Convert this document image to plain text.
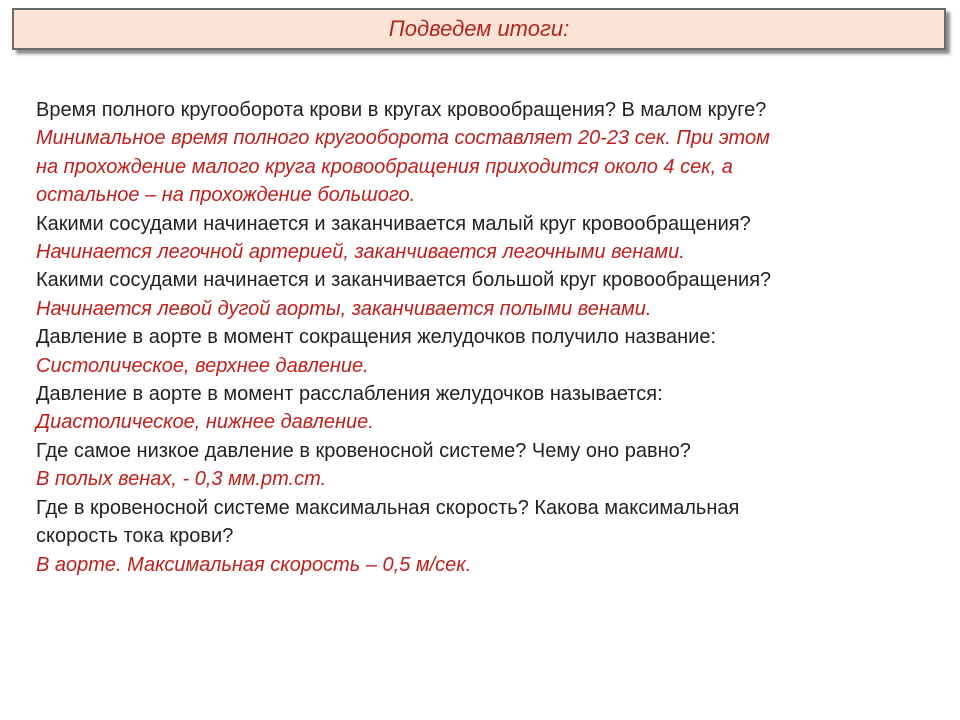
Подведем итоги:
Время полного кругооборота крови в кругах кровообращения? В малом круге?
Минимальное время полного кругооборота составляет 20-23 сек. При этом
на прохождение малого круга кровообращения приходится около 4 сек, а
остальное – на прохождение большого.
Какими сосудами начинается и заканчивается малый круг кровообращения?
Начинается легочной артерией, заканчивается легочными венами.
Какими сосудами начинается и заканчивается большой круг кровообращения?
Начинается левой дугой аорты, заканчивается полыми венами.
Давление в аорте в момент сокращения желудочков получило название:
Систолическое, верхнее давление.
Давление в аорте в момент расслабления желудочков называется:
Диастолическое, нижнее давление.
Где самое низкое давление в кровеносной системе? Чему оно равно?
В полых венах, - 0,3 мм.рт.ст.
Где в кровеносной системе максимальная скорость? Какова максимальная
скорость тока крови?
В аорте. Максимальная скорость – 0,5 м/сек.
